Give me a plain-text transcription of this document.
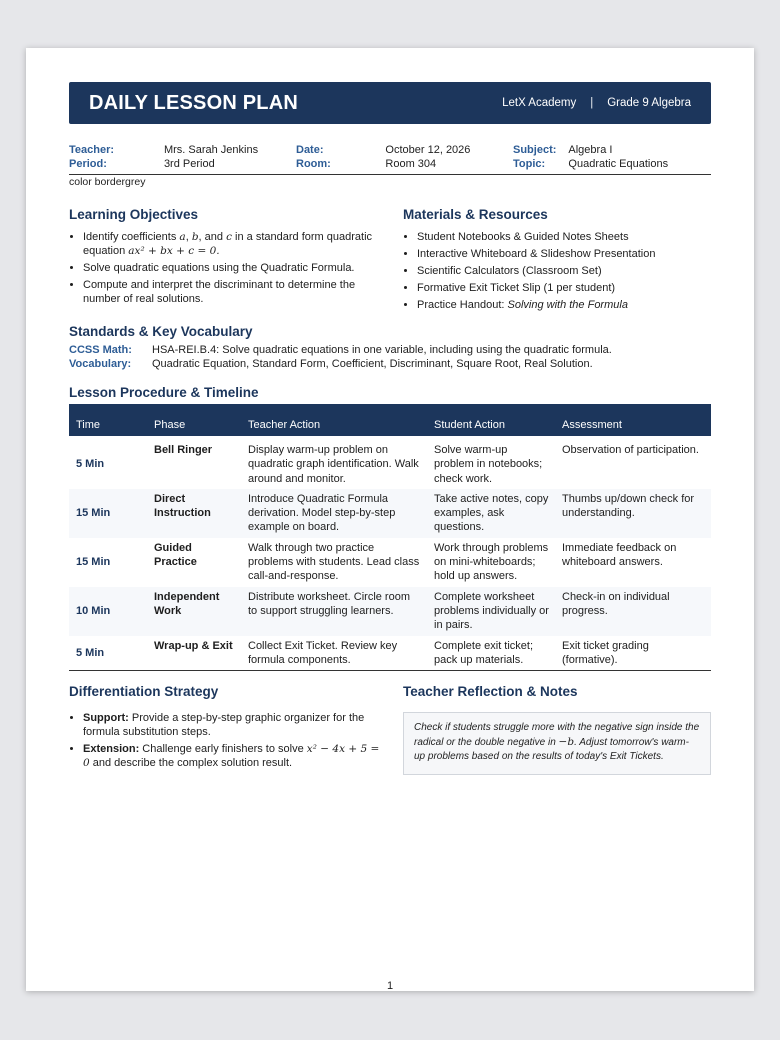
DAILY LESSON PLAN	LetX Academy | Grade 9 Algebra
Teacher:	Mrs. Sarah Jenkins
Period:	3rd Period
Date:	October 12, 2026
Room:	Room 304
Subject: Algebra I
Topic:	Quadratic Equations
color bordergrey
Learning Objectives
• Identify coefficients a, b, and c in a standard form quadratic equation ax² + bx + c = 0.
• Solve quadratic equations using the Quadratic Formula.
• Compute and interpret the discriminant to determine the number of real solutions.
Materials & Resources
• Student Notebooks & Guided Notes Sheets
• Interactive Whiteboard & Slideshow Presentation
• Scientific Calculators (Classroom Set)
• Formative Exit Ticket Slip (1 per student)
• Practice Handout: Solving with the Formula
Standards & Key Vocabulary
CCSS Math:	HSA-REI.B.4: Solve quadratic equations in one variable, including using the quadratic formula.
Vocabulary:	Quadratic Equation, Standard Form, Coefficient, Discriminant, Square Root, Real Solution.
Lesson Procedure & Timeline
Time	Phase	Teacher Action	Student Action	Assessment
5 Min	Bell Ringer	Display warm-up problem on quadratic graph identification. Walk around and monitor.	Solve warm-up problem in notebooks; check work.	Observation of participation.
15 Min	Direct Instruction	Introduce Quadratic Formula derivation. Model step-by-step example on board.	Take active notes, copy examples, ask questions.	Thumbs up/down check for understanding.
15 Min	Guided Practice	Walk through two practice problems with students. Lead class call-and-response.	Work through problems on mini-whiteboards; hold up answers.	Immediate feedback on whiteboard answers.
10 Min	Independent Work	Distribute worksheet. Circle room to support struggling learners.	Complete worksheet problems individually or in pairs.	Check-in on individual progress.
5 Min	Wrap-up & Exit	Collect Exit Ticket. Review key formula components.	Complete exit ticket; pack up materials.	Exit ticket grading (formative).
Differentiation Strategy
• Support: Provide a step-by-step graphic organizer for the formula substitution steps.
• Extension: Challenge early finishers to solve x² − 4x + 5 = 0 and describe the complex solution result.
Teacher Reflection & Notes
Check if students struggle more with the negative sign inside the radical or the double negative in −b. Adjust tomorrow's warm-up problems based on the results of today's Exit Tickets.
1
